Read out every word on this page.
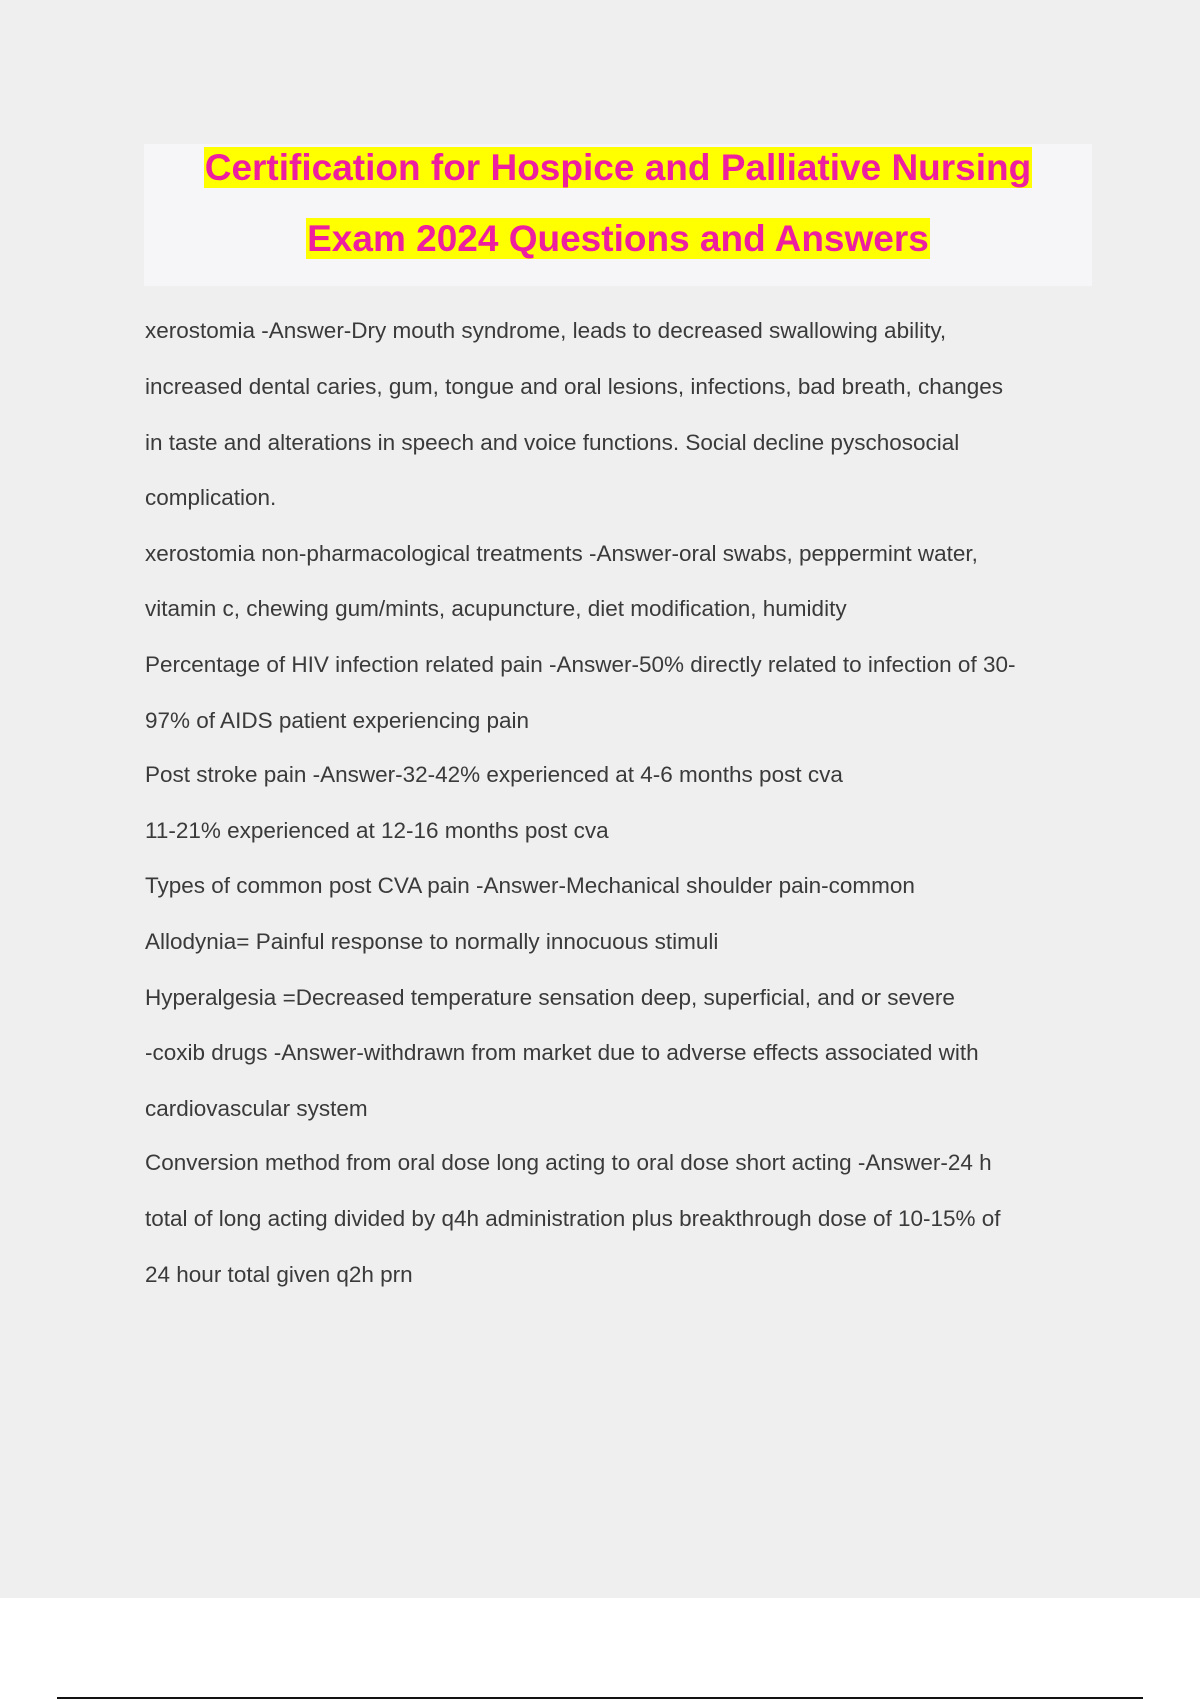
Certification for Hospice and Palliative Nursing
Exam 2024 Questions and Answers
xerostomia -Answer-Dry mouth syndrome, leads to decreased swallowing ability,
increased dental caries, gum, tongue and oral lesions, infections, bad breath, changes
in taste and alterations in speech and voice functions. Social decline pyschosocial
complication.
xerostomia non-pharmacological treatments -Answer-oral swabs, peppermint water,
vitamin c, chewing gum/mints, acupuncture, diet modification, humidity
Percentage of HIV infection related pain -Answer-50% directly related to infection of 30-
97% of AIDS patient experiencing pain
Post stroke pain -Answer-32-42% experienced at 4-6 months post cva
11-21% experienced at 12-16 months post cva
Types of common post CVA pain -Answer-Mechanical shoulder pain-common
Allodynia= Painful response to normally innocuous stimuli
Hyperalgesia =Decreased temperature sensation deep, superficial, and or severe
-coxib drugs -Answer-withdrawn from market due to adverse effects associated with
cardiovascular system
Conversion method from oral dose long acting to oral dose short acting -Answer-24 h
total of long acting divided by q4h administration plus breakthrough dose of 10-15% of
24 hour total given q2h prn
